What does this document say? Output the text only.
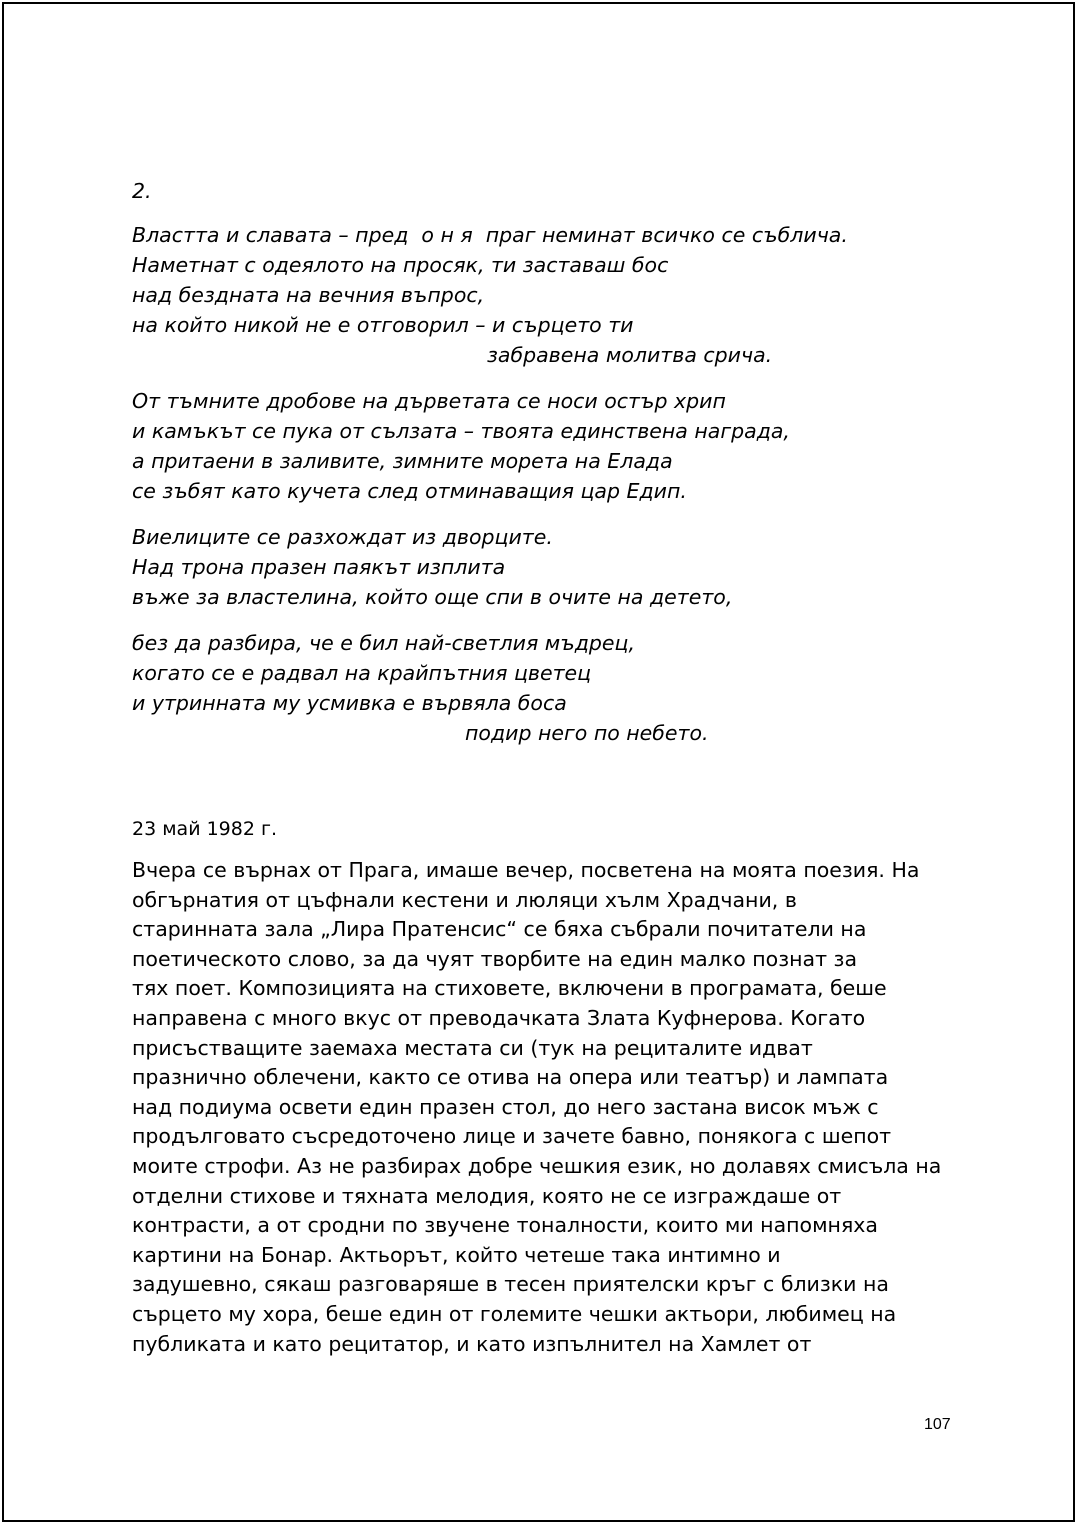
2.
Властта и славата – пред  о н я  праг неминат всичко се съблича.
Наметнат с одеялото на просяк, ти заставаш бос
над бездната на вечния въпрос,
на който никой не е отговорил – и сърцето ти
забравена молитва срича.
От тъмните дробове на дърветата се носи остър хрип
и камъкът се пука от сълзата – твоята единствена награда,
а притаени в заливите, зимните морета на Елада
се зъбят като кучета след отминаващия цар Едип.
Виелиците се разхождат из дворците.
Над трона празен паякът изплита
въже за властелина, който още спи в очите на детето,
без да разбира, че е бил най-светлия мъдрец,
когато се е радвал на крайпътния цветец
и утринната му усмивка е вървяла боса
подир него по небето.
23 май 1982 г.
Вчера се върнах от Прага, имаше вечер, посветена на моята поезия. На
обгърнатия от цъфнали кестени и люляци хълм Храдчани, в
старинната зала „Лира Пратенсис“ се бяха събрали почитатели на
поетическото слово, за да чуят творбите на един малко познат за
тях поет. Композицията на стиховете, включени в програмата, беше
направена с много вкус от преводачката Злата Куфнерова. Когато
присъстващите заемаха местата си (тук на рециталите идват
празнично облечени, както се отива на опера или театър) и лампата
над подиума освети един празен стол, до него застана висок мъж с
продълговато съсредоточено лице и зачете бавно, понякога с шепот
моите строфи. Аз не разбирах добре чешкия език, но долавях смисъла на
отделни стихове и тяхната мелодия, която не се изграждаше от
контрасти, а от сродни по звучене тоналности, които ми напомняха
картини на Бонар. Актьорът, който четеше така интимно и
задушевно, сякаш разговаряше в тесен приятелски кръг с близки на
сърцето му хора, беше един от големите чешки актьори, любимец на
публиката и като рецитатор, и като изпълнител на Хамлет от
107
